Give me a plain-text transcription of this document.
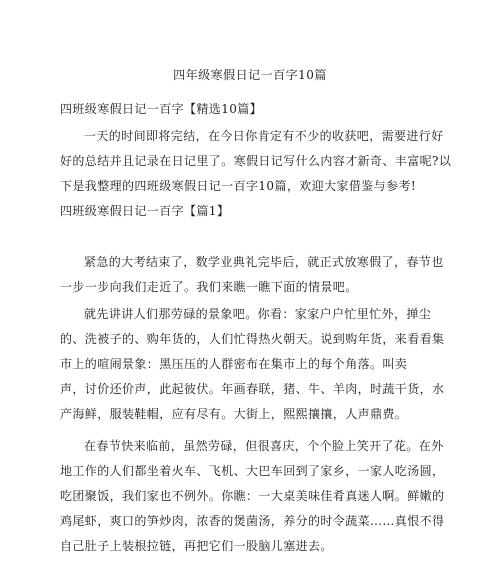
四年级寒假日记一百字10篇
四班级寒假日记一百字【精选10篇】
一天的时间即将完结，在今日你肯定有不少的收获吧，需要进行好
好的总结并且记录在日记里了。寒假日记写什么内容才新奇、丰富呢?以
下是我整理的四班级寒假日记一百字10篇，欢迎大家借鉴与参考!
四班级寒假日记一百字【篇1】
紧急的大考结束了，数学业典礼完毕后，就正式放寒假了，春节也
一步一步向我们走近了。我们来瞧一瞧下面的情景吧。
就先讲讲人们那劳碌的景象吧。你看：家家户户忙里忙外，掸尘
的、洗被子的、购年货的，人们忙得热火朝天。说到购年货，来看看集
市上的喧闹景象：黑压压的人群密布在集市上的每个角落。叫卖
声，讨价还价声，此起彼伏。年画春联，猪、牛、羊肉，时蔬干货，水
产海鲜，服装鞋帽，应有尽有。大街上，熙熙攘攘，人声鼎费。
在春节快来临前，虽然劳碌，但很喜庆，个个脸上笑开了花。在外
地工作的人们都坐着火车、飞机、大巴车回到了家乡，一家人吃汤圆，
吃团聚饭，我们家也不例外。你瞧：一大桌美味佳肴真迷人啊。鲜嫩的
鸡尾虾，爽口的笋炒肉，浓香的煲菌汤，养分的时令蔬菜……真恨不得
自己肚子上装根拉链，再把它们一股脑儿塞进去。
